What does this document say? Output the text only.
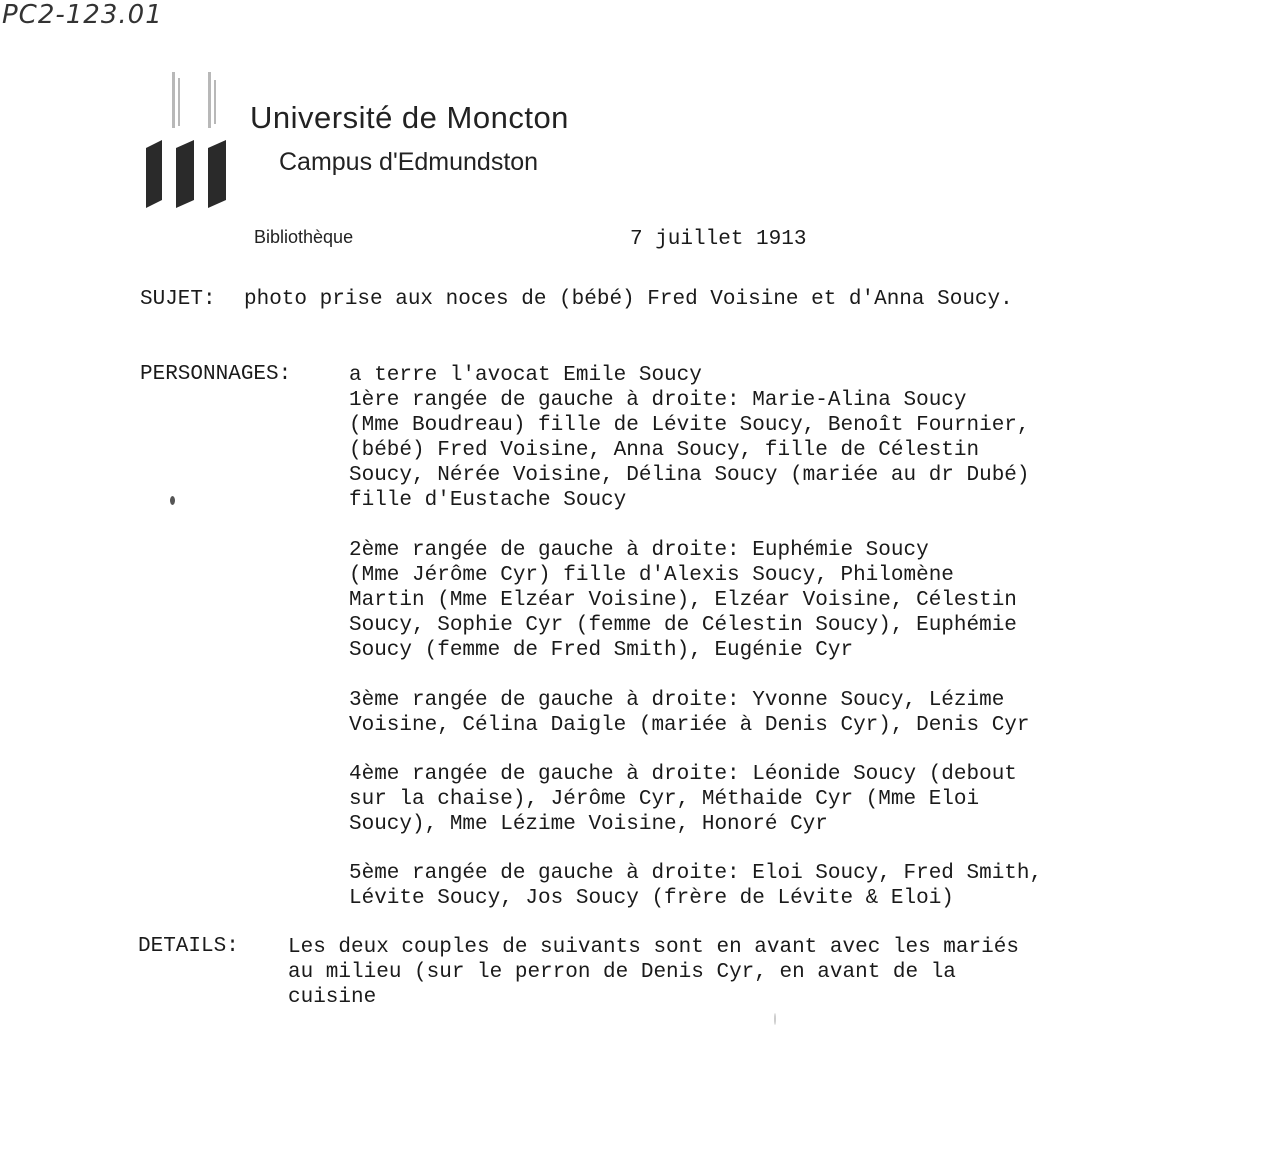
PC2-123.01
Université de Moncton
Campus d'Edmundston
Bibliothèque	7 juillet 1913
SUJET: photo prise aux noces de (bébé) Fred Voisine et d'Anna Soucy.
PERSONNAGES:	a terre l'avocat Emile Soucy
1ère rangée de gauche à droite: Marie-Alina Soucy
(Mme Boudreau) fille de Lévite Soucy, Benoît Fournier,
(bébé) Fred Voisine, Anna Soucy, fille de Célestin
Soucy, Nérée Voisine, Délina Soucy (mariée au dr Dubé)
fille d'Eustache Soucy
2ème rangée de gauche à droite: Euphémie Soucy
(Mme Jérôme Cyr) fille d'Alexis Soucy, Philomène
Martin (Mme Elzéar Voisine), Elzéar Voisine, Célestin
Soucy, Sophie Cyr (femme de Célestin Soucy), Euphémie
Soucy (femme de Fred Smith), Eugénie Cyr
3ème rangée de gauche à droite: Yvonne Soucy, Lézime
Voisine, Célina Daigle (mariée à Denis Cyr), Denis Cyr
4ème rangée de gauche à droite: Léonide Soucy (debout
sur la chaise), Jérôme Cyr, Méthaide Cyr (Mme Eloi
Soucy), Mme Lézime Voisine, Honoré Cyr
5ème rangée de gauche à droite: Eloi Soucy, Fred Smith,
Lévite Soucy, Jos Soucy (frère de Lévite & Eloi)
DETAILS: Les deux couples de suivants sont en avant avec les mariés
au milieu (sur le perron de Denis Cyr, en avant de la
cuisine
